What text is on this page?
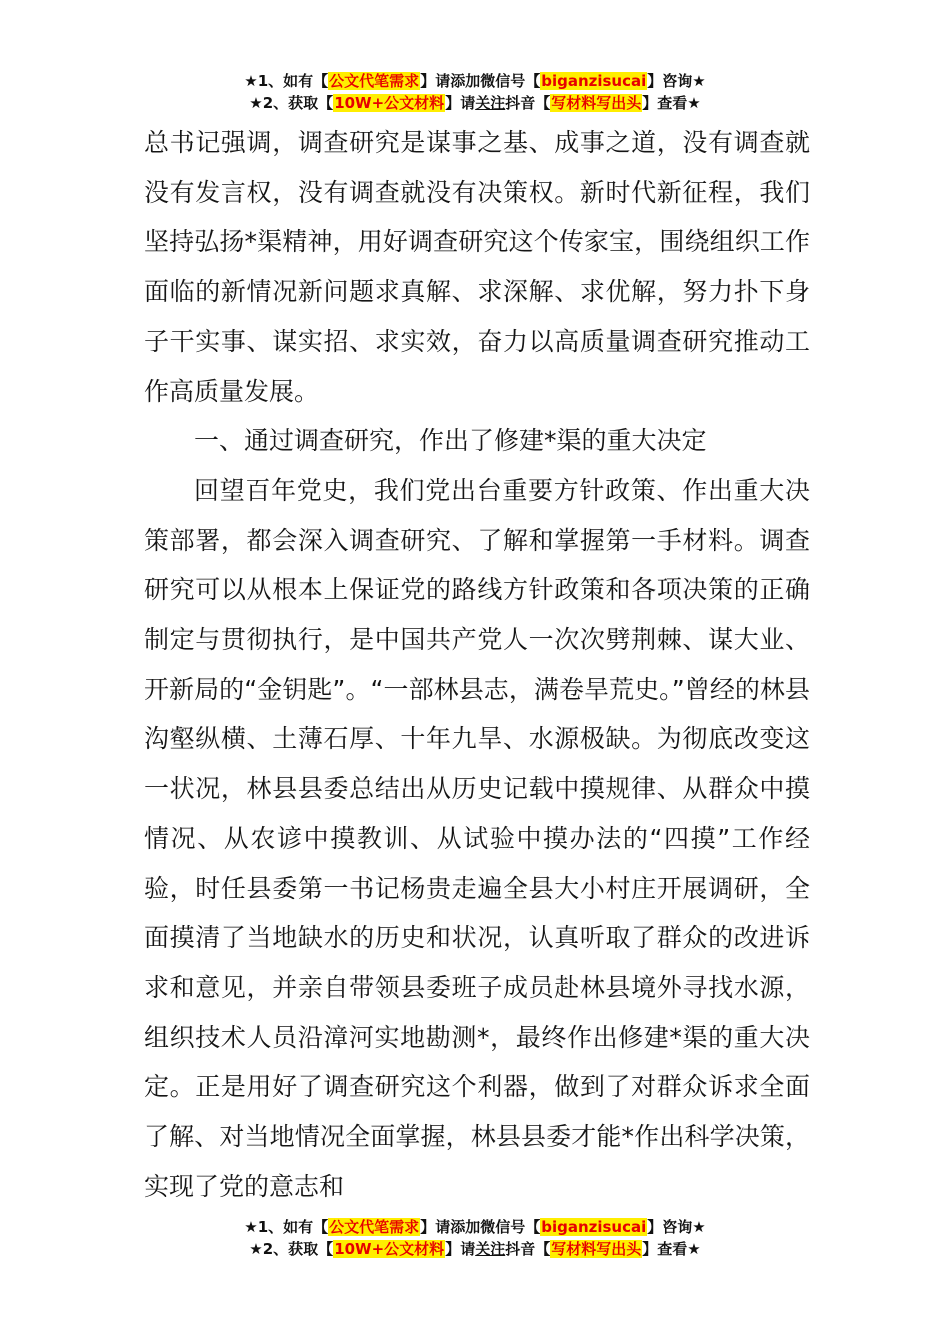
★1、如有【公文代笔需求】请添加微信号【biganzisucai】咨询★
★2、获取【10W+公文材料】请关注抖音【写材料写出头】查看★

总书记强调，调查研究是谋事之基、成事之道，没有调查就没有发言权，没有调查就没有决策权。新时代新征程，我们坚持弘扬*渠精神，用好调查研究这个传家宝，围绕组织工作面临的新情况新问题求真解、求深解、求优解，努力扑下身子干实事、谋实招、求实效，奋力以高质量调查研究推动工作高质量发展。

一、通过调查研究，作出了修建*渠的重大决定

回望百年党史，我们党出台重要方针政策、作出重大决策部署，都会深入调查研究、了解和掌握第一手材料。调查研究可以从根本上保证党的路线方针政策和各项决策的正确制定与贯彻执行，是中国共产党人一次次劈荆棘、谋大业、开新局的“金钥匙”。“一部林县志，满卷旱荒史。”曾经的林县沟壑纵横、土薄石厚、十年九旱、水源极缺。为彻底改变这一状况，林县县委总结出从历史记载中摸规律、从群众中摸情况、从农谚中摸教训、从试验中摸办法的“四摸”工作经验，时任县委第一书记杨贵走遍全县大小村庄开展调研，全面摸清了当地缺水的历史和状况，认真听取了群众的改进诉求和意见，并亲自带领县委班子成员赴林县境外寻找水源，组织技术人员沿漳河实地勘测*，最终作出修建*渠的重大决定。正是用好了调查研究这个利器，做到了对群众诉求全面了解、对当地情况全面掌握，林县县委才能*作出科学决策，实现了党的意志和

★1、如有【公文代笔需求】请添加微信号【biganzisucai】咨询★
★2、获取【10W+公文材料】请关注抖音【写材料写出头】查看★
